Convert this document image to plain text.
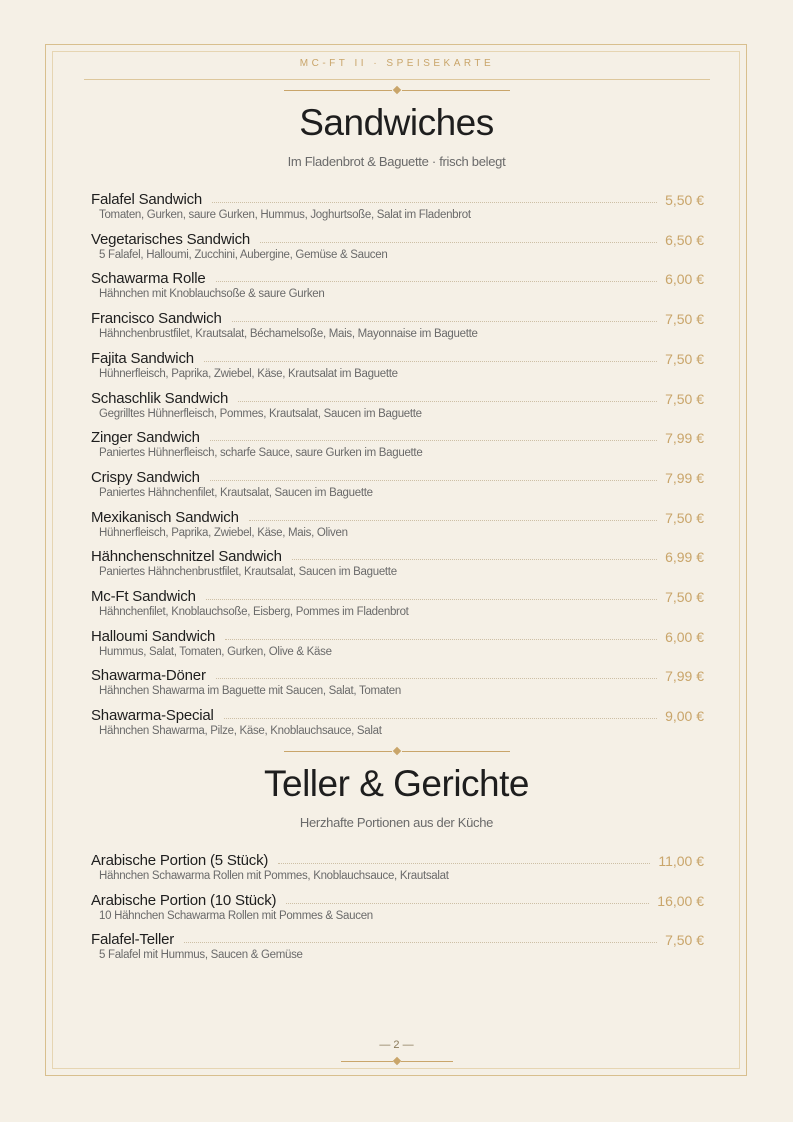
MC-FT II · SPEISEKARTE
Sandwiches
Im Fladenbrot & Baguette · frisch belegt
Falafel Sandwich	5,50 €
Tomaten, Gurken, saure Gurken, Hummus, Joghurtsoße, Salat im Fladenbrot
Vegetarisches Sandwich	6,50 €
5 Falafel, Halloumi, Zucchini, Aubergine, Gemüse & Saucen
Schawarma Rolle	6,00 €
Hähnchen mit Knoblauchsoße & saure Gurken
Francisco Sandwich	7,50 €
Hähnchenbrustfilet, Krautsalat, Béchamelsoße, Mais, Mayonnaise im Baguette
Fajita Sandwich	7,50 €
Hühnerfleisch, Paprika, Zwiebel, Käse, Krautsalat im Baguette
Schaschlik Sandwich	7,50 €
Gegrilltes Hühnerfleisch, Pommes, Krautsalat, Saucen im Baguette
Zinger Sandwich	7,99 €
Paniertes Hühnerfleisch, scharfe Sauce, saure Gurken im Baguette
Crispy Sandwich	7,99 €
Paniertes Hähnchenfilet, Krautsalat, Saucen im Baguette
Mexikanisch Sandwich	7,50 €
Hühnerfleisch, Paprika, Zwiebel, Käse, Mais, Oliven
Hähnchenschnitzel Sandwich	6,99 €
Paniertes Hähnchenbrustfilet, Krautsalat, Saucen im Baguette
Mc-Ft Sandwich	7,50 €
Hähnchenfilet, Knoblauchsoße, Eisberg, Pommes im Fladenbrot
Halloumi Sandwich	6,00 €
Hummus, Salat, Tomaten, Gurken, Olive & Käse
Shawarma-Döner	7,99 €
Hähnchen Shawarma im Baguette mit Saucen, Salat, Tomaten
Shawarma-Special	9,00 €
Hähnchen Shawarma, Pilze, Käse, Knoblauchsauce, Salat
Teller & Gerichte
Herzhafte Portionen aus der Küche
Arabische Portion (5 Stück)	11,00 €
Hähnchen Schawarma Rollen mit Pommes, Knoblauchsauce, Krautsalat
Arabische Portion (10 Stück)	16,00 €
10 Hähnchen Schawarma Rollen mit Pommes & Saucen
Falafel-Teller	7,50 €
5 Falafel mit Hummus, Saucen & Gemüse
— 2 —
